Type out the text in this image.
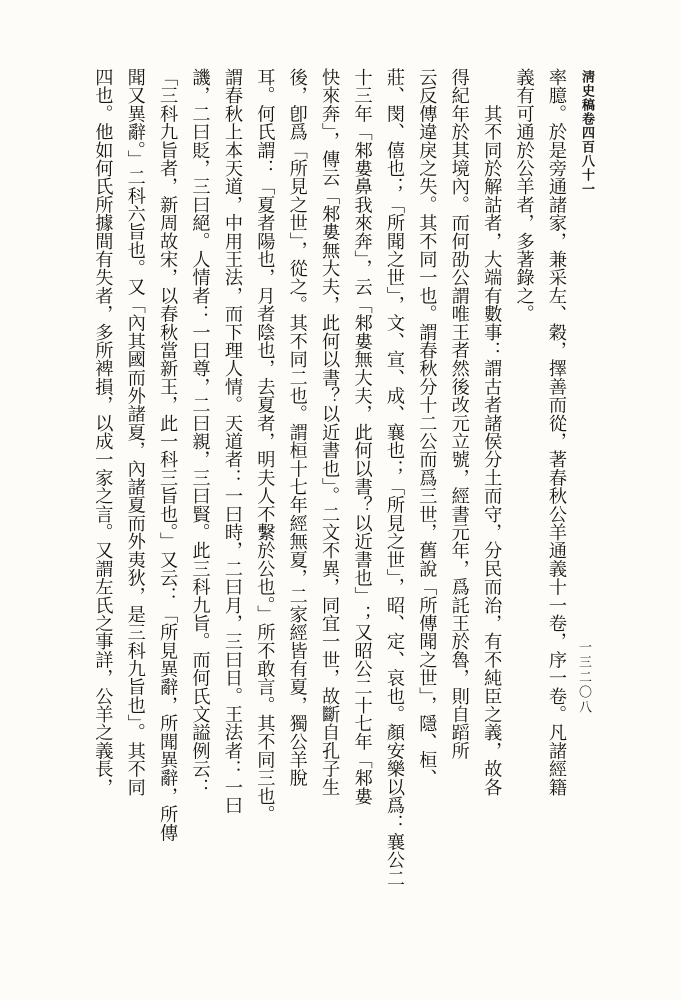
淸史稿卷四百八十一
一三二〇八
率臆。於是旁通諸家，兼采左、穀，擇善而從，著春秋公羊通義十一卷，序一卷。凡諸經籍
義有可通於公羊者，多著錄之。
　　其不同於解詁者，大端有數事：謂古者諸侯分土而守，分民而治，有不純臣之義，故各
得紀年於其境內。而何劭公謂唯王者然後改元立號，經書元年，爲託王於魯，則自蹈所
云反傳違戾之失。其不同一也。謂春秋分十二公而爲三世，舊說「所傳聞之世」，隱、桓、
莊、閔、僖也；「所聞之世」，文、宣、成、襄也；「所見之世」，昭、定、哀也。顏安樂以爲：襄公二
十三年「邾婁鼻我來奔」，云「邾婁無大夫，此何以書？以近書也」；又昭公二十七年「邾婁
快來奔」，傳云「邾婁無大夫，此何以書？以近書也」。二文不異，同宜一世，故斷自孔子生
後，卽爲「所見之世」，從之。其不同二也。謂桓十七年經無夏，二家經皆有夏，獨公羊脫
耳。何氏謂：「夏者陽也，月者陰也，去夏者，明夫人不繫於公也。」所不敢言。其不同三也。
謂春秋上本天道，中用王法，而下理人情。天道者：一曰時，二曰月，三曰日。王法者：一曰
譏，二曰貶，三曰絕。人情者：一曰尊，二曰親，三曰賢。此三科九旨。而何氏文謚例云：
「三科九旨者，新周故宋，以春秋當新王，此一科三旨也。」又云：「所見異辭，所聞異辭，所傳
聞又異辭。」二科六旨也。又「內其國而外諸夏，內諸夏而外夷狄，是三科九旨也」。其不同
四也。他如何氏所據間有失者，多所裨損，以成一家之言。又謂左氏之事詳，公羊之義長，
